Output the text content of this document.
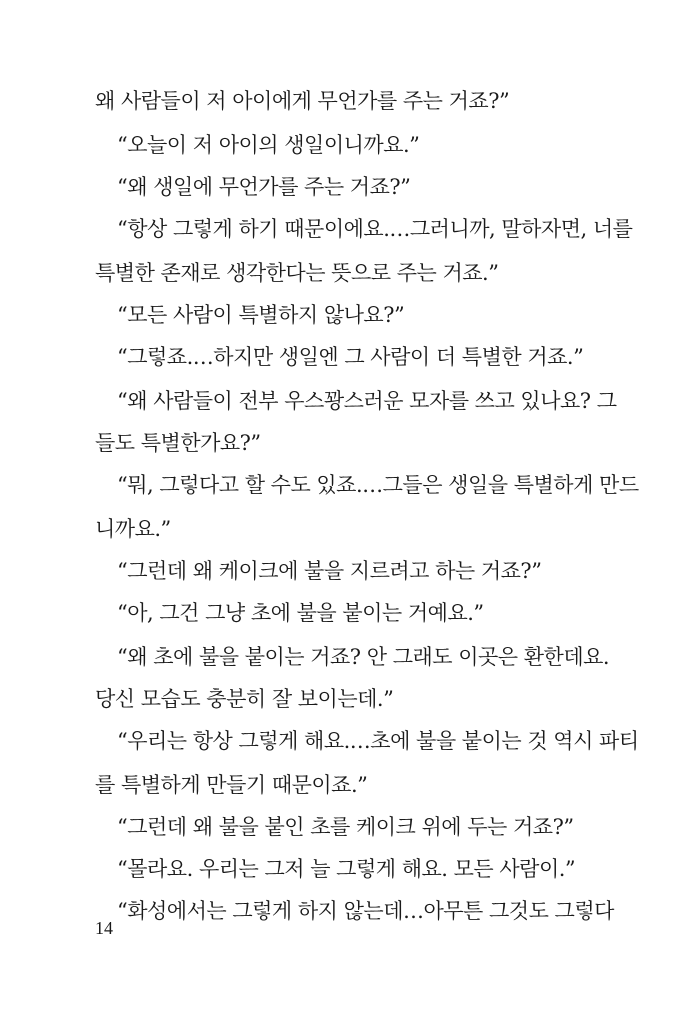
왜 사람들이 저 아이에게 무언가를 주는 거죠?”
“오늘이 저 아이의 생일이니까요.”
“왜 생일에 무언가를 주는 거죠?”
“항상 그렇게 하기 때문이에요.…그러니까, 말하자면, 너를
특별한 존재로 생각한다는 뜻으로 주는 거죠.”
“모든 사람이 특별하지 않나요?”
“그렇죠.…하지만 생일엔 그 사람이 더 특별한 거죠.”
“왜 사람들이 전부 우스꽝스러운 모자를 쓰고 있나요? 그
들도 특별한가요?”
“뭐, 그렇다고 할 수도 있죠.…그들은 생일을 특별하게 만드
니까요.”
“그런데 왜 케이크에 불을 지르려고 하는 거죠?”
“아, 그건 그냥 초에 불을 붙이는 거예요.”
“왜 초에 불을 붙이는 거죠? 안 그래도 이곳은 환한데요.
당신 모습도 충분히 잘 보이는데.”
“우리는 항상 그렇게 해요.…초에 불을 붙이는 것 역시 파티
를 특별하게 만들기 때문이죠.”
“그런데 왜 불을 붙인 초를 케이크 위에 두는 거죠?”
“몰라요. 우리는 그저 늘 그렇게 해요. 모든 사람이.”
“화성에서는 그렇게 하지 않는데…아무튼 그것도 그렇다
14
